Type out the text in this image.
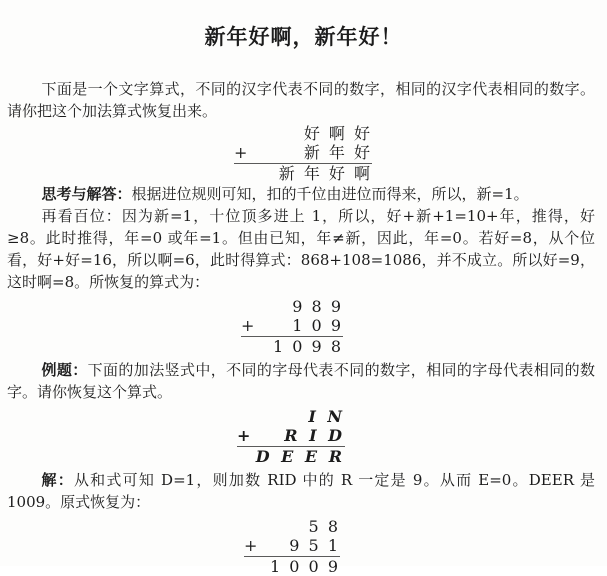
新年好啊，新年好！

下面是一个文字算式，不同的汉字代表不同的数字，相同的汉字代表相同的数字。请你把这个加法算式恢复出来。

好 啊 好
+	新 年 好
新 年 好 啊

思考与解答：根据进位规则可知，扣的千位由进位而得来，所以，新=1。

再看百位：因为新=1，十位顶多进上 1，所以，好+新+1=10+年，推得，好≥8。此时推得，年=0 或年=1。但由已知，年≠新，因此，年=0。若好=8，从个位看，好+好=16，所以啊=6，此时得算式：868+108=1086，并不成立。所以好=9，这时啊=8。所恢复的算式为：

9 8 9
+ 1 0 9
1 0 9 8

例题：下面的加法竖式中，不同的字母代表不同的数字，相同的字母代表相同的数字。请你恢复这个算式。

I N
+ R I D
D E E R

解：从和式可知 D=1，则加数 RID 中的 R 一定是 9。从而 E=0。DEER 是 1009。原式恢复为：

5 8
+ 9 5 1
1 0 0 9
